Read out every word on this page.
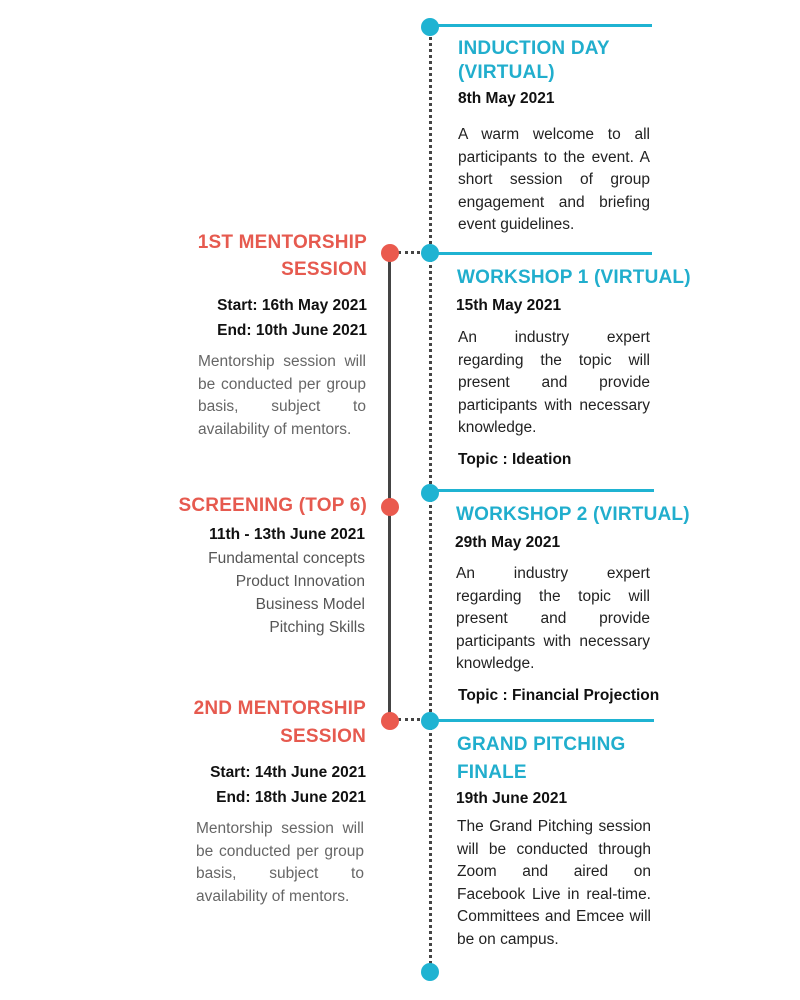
INDUCTION DAY
(VIRTUAL)
8th May 2021
A warm welcome to all participants to the event. A short session of group engagement and briefing event guidelines.
WORKSHOP 1 (VIRTUAL)
15th May 2021
An industry expert regarding the topic will present and provide participants with necessary knowledge.
Topic : Ideation
WORKSHOP 2 (VIRTUAL)
29th May 2021
An industry expert regarding the topic will present and provide participants with necessary knowledge.
Topic : Financial Projection
GRAND PITCHING
FINALE
19th June 2021
The Grand Pitching session will be conducted through Zoom and aired on Facebook Live in real-time. Committees and Emcee will be on campus.
1ST MENTORSHIP
SESSION
Start: 16th May 2021
End: 10th June 2021
Mentorship session will be conducted per group basis, subject to availability of mentors.
SCREENING (TOP 6)
11th - 13th June 2021
Fundamental concepts
Product Innovation
Business Model
Pitching Skills
2ND MENTORSHIP
SESSION
Start: 14th June 2021
End: 18th June 2021
Mentorship session will be conducted per group basis, subject to availability of mentors.
